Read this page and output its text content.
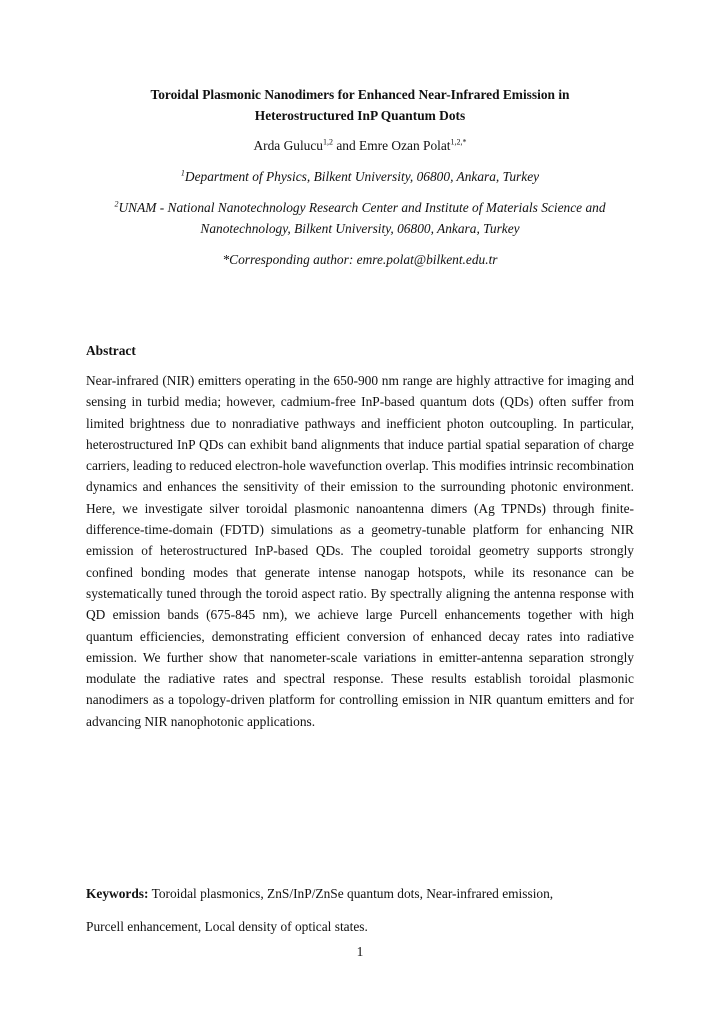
Toroidal Plasmonic Nanodimers for Enhanced Near-Infrared Emission in
Heterostructured InP Quantum Dots
Arda Gulucu$^{1,2}$ and Emre Ozan Polat$^{1,2,*}$
$^1$Department of Physics, Bilkent University, 06800, Ankara, Turkey
$^2$UNAM - National Nanotechnology Research Center and Institute of Materials Science and
Nanotechnology, Bilkent University, 06800, Ankara, Turkey
*Corresponding author: emre.polat@bilkent.edu.tr
Abstract
Near-infrared (NIR) emitters operating in the 650-900 nm range are highly attractive for imaging and sensing in turbid media; however, cadmium-free InP-based quantum dots (QDs) often suffer from limited brightness due to nonradiative pathways and inefficient photon outcoupling. In particular, heterostructured InP QDs can exhibit band alignments that induce partial spatial separation of charge carriers, leading to reduced electron-hole wavefunction overlap. This modifies intrinsic recombination dynamics and enhances the sensitivity of their emission to the surrounding photonic environment. Here, we investigate silver toroidal plasmonic nanoantenna dimers (Ag TPNDs) through finite-difference-time-domain (FDTD) simulations as a geometry-tunable platform for enhancing NIR emission of heterostructured InP-based QDs. The coupled toroidal geometry supports strongly confined bonding modes that generate intense nanogap hotspots, while its resonance can be systematically tuned through the toroid aspect ratio. By spectrally aligning the antenna response with QD emission bands (675-845 nm), we achieve large Purcell enhancements together with high quantum efficiencies, demonstrating efficient conversion of enhanced decay rates into radiative emission. We further show that nanometer-scale variations in emitter-antenna separation strongly modulate the radiative rates and spectral response. These results establish toroidal plasmonic nanodimers as a topology-driven platform for controlling emission in NIR quantum emitters and for advancing NIR nanophotonic applications.
Keywords: Toroidal plasmonics, ZnS/InP/ZnSe quantum dots, Near-infrared emission,
Purcell enhancement, Local density of optical states.
1
